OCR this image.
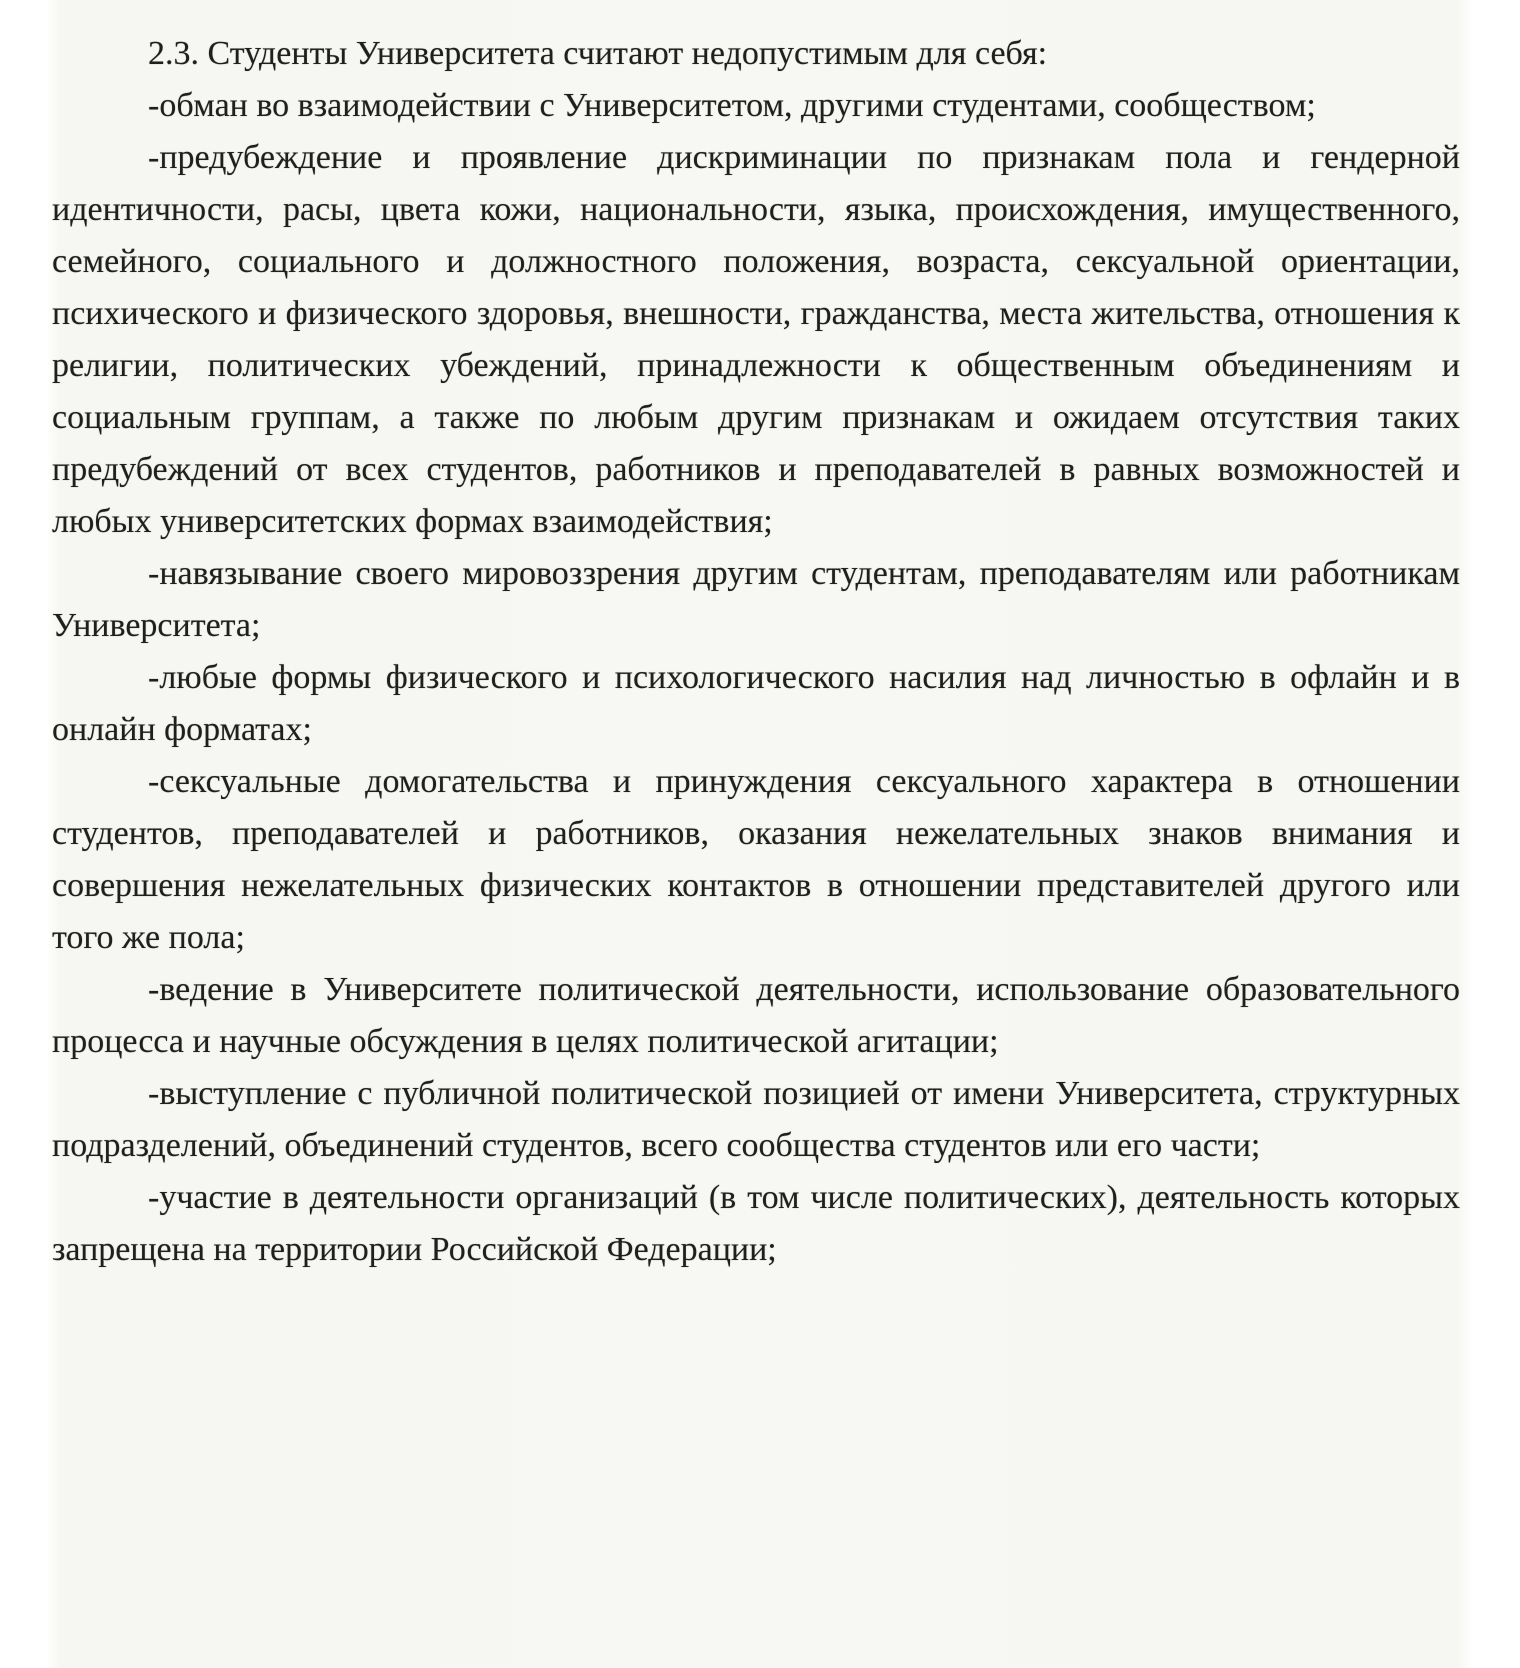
2.3. Студенты Университета считают недопустимым для себя:

-обман во взаимодействии с Университетом, другими студентами, сообществом;

-предубеждение и проявление дискриминации по признакам пола и гендерной идентичности, расы, цвета кожи, национальности, языка, происхождения, имущественного, семейного, социального и должностного положения, возраста, сексуальной ориентации, психического и физического здоровья, внешности, гражданства, места жительства, отношения к религии, политических убеждений, принадлежности к общественным объединениям и социальным группам, а также по любым другим признакам и ожидаем отсутствия таких предубеждений от всех студентов, работников и преподавателей в равных возможностей и любых университетских формах взаимодействия;

-навязывание своего мировоззрения другим студентам, преподавателям или работникам Университета;

-любые формы физического и психологического насилия над личностью в офлайн и в онлайн форматах;

-сексуальные домогательства и принуждения сексуального характера в отношении студентов, преподавателей и работников, оказания нежелательных знаков внимания и совершения нежелательных физических контактов в отношении представителей другого или того же пола;

-ведение в Университете политической деятельности, использование образовательного процесса и научные обсуждения в целях политической агитации;

-выступление с публичной политической позицией от имени Университета, структурных подразделений, объединений студентов, всего сообщества студентов или его части;

-участие в деятельности организаций (в том числе политических), деятельность которых запрещена на территории Российской Федерации;
